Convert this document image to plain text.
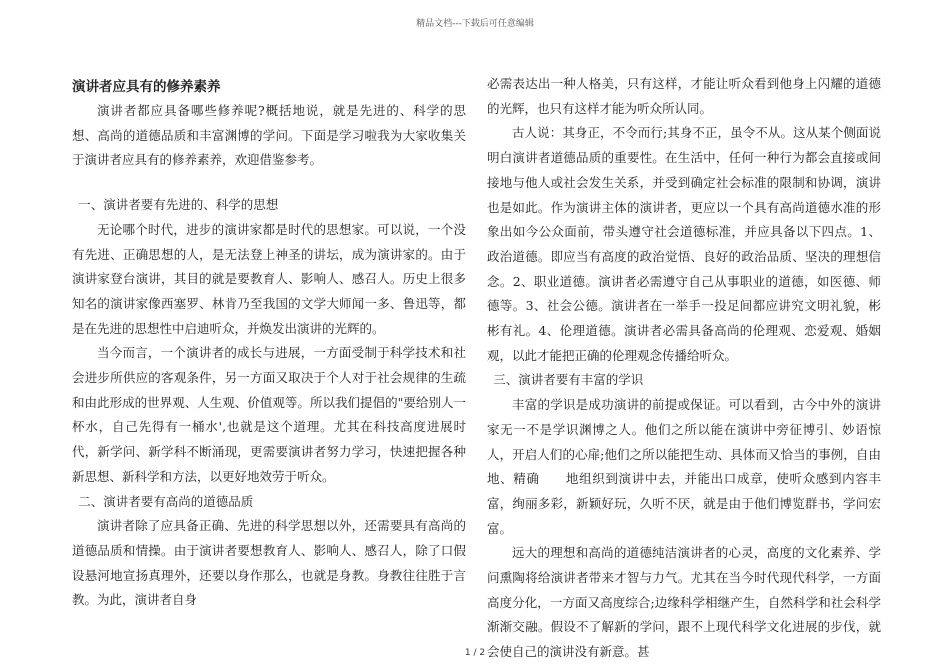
精品文档---下载后可任意编辑
演讲者应具有的修养素养

演讲者都应具备哪些修养呢?概括地说，就是先进的、科学的思想、高尚的道德品质和丰富渊博的学问。下面是学习啦我为大家收集关于演讲者应具有的修养素养，欢迎借鉴参考。

一、演讲者要有先进的、科学的思想

无论哪个时代，进步的演讲家都是时代的思想家。可以说，一个没有先进、正确思想的人，是无法登上神圣的讲坛，成为演讲家的。由于演讲家登台演讲，其目的就是要教育人、影响人、感召人。历史上很多知名的演讲家像西塞罗、林肯乃至我国的文学大师闻一多、鲁迅等，都是在先进的思想性中启迪听众，并焕发出演讲的光辉的。

当今而言，一个演讲者的成长与进展，一方面受制于科学技术和社会进步所供应的客观条件，另一方面又取决于个人对于社会规律的生疏和由此形成的世界观、人生观、价值观等。所以我们提倡的"要给别人一杯水，自己先得有一桶水',也就是这个道理。尤其在科技高度进展时代，新学问、新学科不断涌现，更需要演讲者努力学习，快速把握各种新思想、新科学和方法，以更好地效劳于听众。

二、演讲者要有高尚的道德品质

演讲者除了应具备正确、先进的科学思想以外，还需要具有高尚的道德品质和情操。由于演讲者要想教育人、影响人、感召人，除了口假设悬河地宣扬真理外，还要以身作那么，也就是身教。身教往往胜于言教。为此，演讲者自身

必需表达出一种人格美，只有这样，才能让听众看到他身上闪耀的道德的光辉，也只有这样才能为听众所认同。

古人说：其身正，不令而行;其身不正，虽令不从。这从某个侧面说明白演讲者道德品质的重要性。在生活中，任何一种行为都会直接或间接地与他人或社会发生关系，并受到确定社会标准的限制和协调，演讲也是如此。作为演讲主体的演讲者，更应以一个具有高尚道德水准的形象出如今公众面前，带头遵守社会道德标准，并应具备以下四点。1、政治道德。即应当有高度的政治觉悟、良好的政治品质、坚决的理想信念。2、职业道德。演讲者必需遵守自己从事职业的道德，如医德、师德等。3、社会公德。演讲者在一举手一投足间都应讲究文明礼貌，彬彬有礼。4、伦理道德。演讲者必需具备高尚的伦理观、恋爱观、婚姻观，以此才能把正确的伦理观念传播给听众。

三、演讲者要有丰富的学识

丰富的学识是成功演讲的前提或保证。可以看到，古今中外的演讲家无一不是学识渊博之人。他们之所以能在演讲中旁征博引、妙语惊人，开启人们的心扉;他们之所以能把生动、具体而又恰当的事例，自由地、精确　　地组织到演讲中去，并能出口成章，使听众感到内容丰富，绚丽多彩，新颖好玩，久听不厌，就是由于他们博览群书，学问宏富。

远大的理想和高尚的道德纯洁演讲者的心灵，高度的文化素养、学问熏陶将给演讲者带来才智与力气。尤其在当今时代现代科学，一方面高度分化，一方面又高度综合;边缘科学相继产生，自然科学和社会科学渐渐交融。假设不了解新的学问，跟不上现代科学文化进展的步伐，就会使自己的演讲没有新意。甚

1 / 2
